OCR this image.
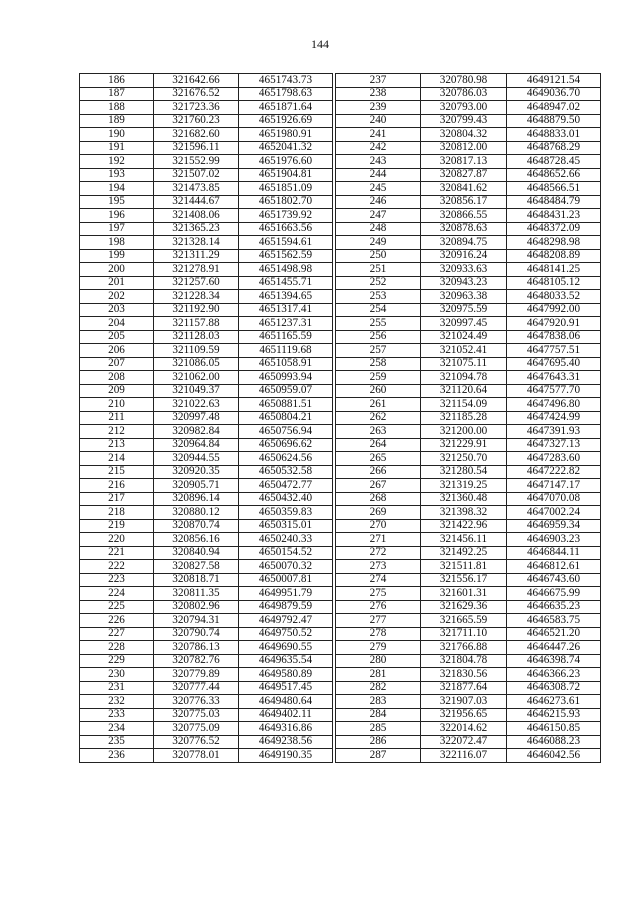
144
186	321642.66	4651743.73
187	321676.52	4651798.63
188	321723.36	4651871.64
189	321760.23	4651926.69
190	321682.60	4651980.91
191	321596.11	4652041.32
192	321552.99	4651976.60
193	321507.02	4651904.81
194	321473.85	4651851.09
195	321444.67	4651802.70
196	321408.06	4651739.92
197	321365.23	4651663.56
198	321328.14	4651594.61
199	321311.29	4651562.59
200	321278.91	4651498.98
201	321257.60	4651455.71
202	321228.34	4651394.65
203	321192.90	4651317.41
204	321157.88	4651237.31
205	321128.03	4651165.59
206	321109.59	4651119.68
207	321086.05	4651058.91
208	321062.00	4650993.94
209	321049.37	4650959.07
210	321022.63	4650881.51
211	320997.48	4650804.21
212	320982.84	4650756.94
213	320964.84	4650696.62
214	320944.55	4650624.56
215	320920.35	4650532.58
216	320905.71	4650472.77
217	320896.14	4650432.40
218	320880.12	4650359.83
219	320870.74	4650315.01
220	320856.16	4650240.33
221	320840.94	4650154.52
222	320827.58	4650070.32
223	320818.71	4650007.81
224	320811.35	4649951.79
225	320802.96	4649879.59
226	320794.31	4649792.47
227	320790.74	4649750.52
228	320786.13	4649690.55
229	320782.76	4649635.54
230	320779.89	4649580.89
231	320777.44	4649517.45
232	320776.33	4649480.64
233	320775.03	4649402.11
234	320775.09	4649316.86
235	320776.52	4649238.56
236	320778.01	4649190.35
237	320780.98	4649121.54
238	320786.03	4649036.70
239	320793.00	4648947.02
240	320799.43	4648879.50
241	320804.32	4648833.01
242	320812.00	4648768.29
243	320817.13	4648728.45
244	320827.87	4648652.66
245	320841.62	4648566.51
246	320856.17	4648484.79
247	320866.55	4648431.23
248	320878.63	4648372.09
249	320894.75	4648298.98
250	320916.24	4648208.89
251	320933.63	4648141.25
252	320943.23	4648105.12
253	320963.38	4648033.52
254	320975.59	4647992.00
255	320997.45	4647920.91
256	321024.49	4647838.06
257	321052.41	4647757.51
258	321075.11	4647695.40
259	321094.78	4647643.31
260	321120.64	4647577.70
261	321154.09	4647496.80
262	321185.28	4647424.99
263	321200.00	4647391.93
264	321229.91	4647327.13
265	321250.70	4647283.60
266	321280.54	4647222.82
267	321319.25	4647147.17
268	321360.48	4647070.08
269	321398.32	4647002.24
270	321422.96	4646959.34
271	321456.11	4646903.23
272	321492.25	4646844.11
273	321511.81	4646812.61
274	321556.17	4646743.60
275	321601.31	4646675.99
276	321629.36	4646635.23
277	321665.59	4646583.75
278	321711.10	4646521.20
279	321766.88	4646447.26
280	321804.78	4646398.74
281	321830.56	4646366.23
282	321877.64	4646308.72
283	321907.03	4646273.61
284	321956.65	4646215.93
285	322014.62	4646150.85
286	322072.47	4646088.23
287	322116.07	4646042.56
